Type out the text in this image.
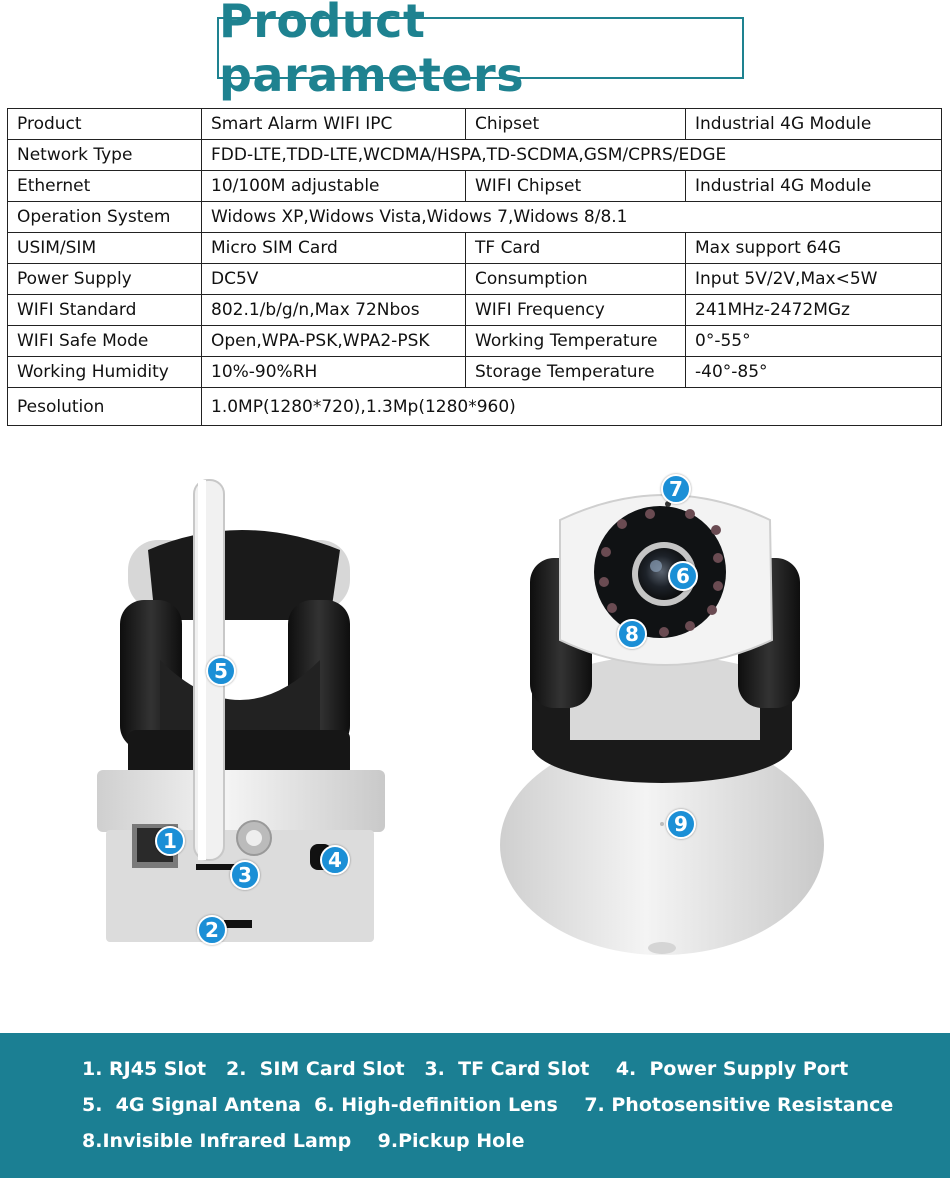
Product parameters
Product	Smart Alarm WIFI IPC	Chipset	Industrial 4G Module
Network Type	FDD-LTE,TDD-LTE,WCDMA/HSPA,TD-SCDMA,GSM/CPRS/EDGE		
Ethernet	10/100M adjustable	WIFI Chipset	Industrial 4G Module
Operation System	Widows XP,Widows Vista,Widows 7,Widows 8/8.1		
USIM/SIM	Micro SIM Card	TF Card	Max support 64G
Power Supply	DC5V	Consumption	Input 5V/2V,Max<5W
WIFI Standard	802.1/b/g/n,Max 72Nbos	WIFI Frequency	241MHz-2472MGz
WIFI Safe Mode	Open,WPA-PSK,WPA2-PSK	Working Temperature	0°-55°
Working Humidity	10%-90%RH	Storage Temperature	-40°-85°
Pesolution	1.0MP(1280*720),1.3Mp(1280*960)		
1
2
3
4
5
6
7
8
9
1. RJ45 Slot   2.  SIM Card Slot   3.  TF Card Slot    4.  Power Supply Port
5.  4G Signal Antena  6. High-definition Lens    7. Photosensitive Resistance
8.Invisible Infrared Lamp    9.Pickup Hole
